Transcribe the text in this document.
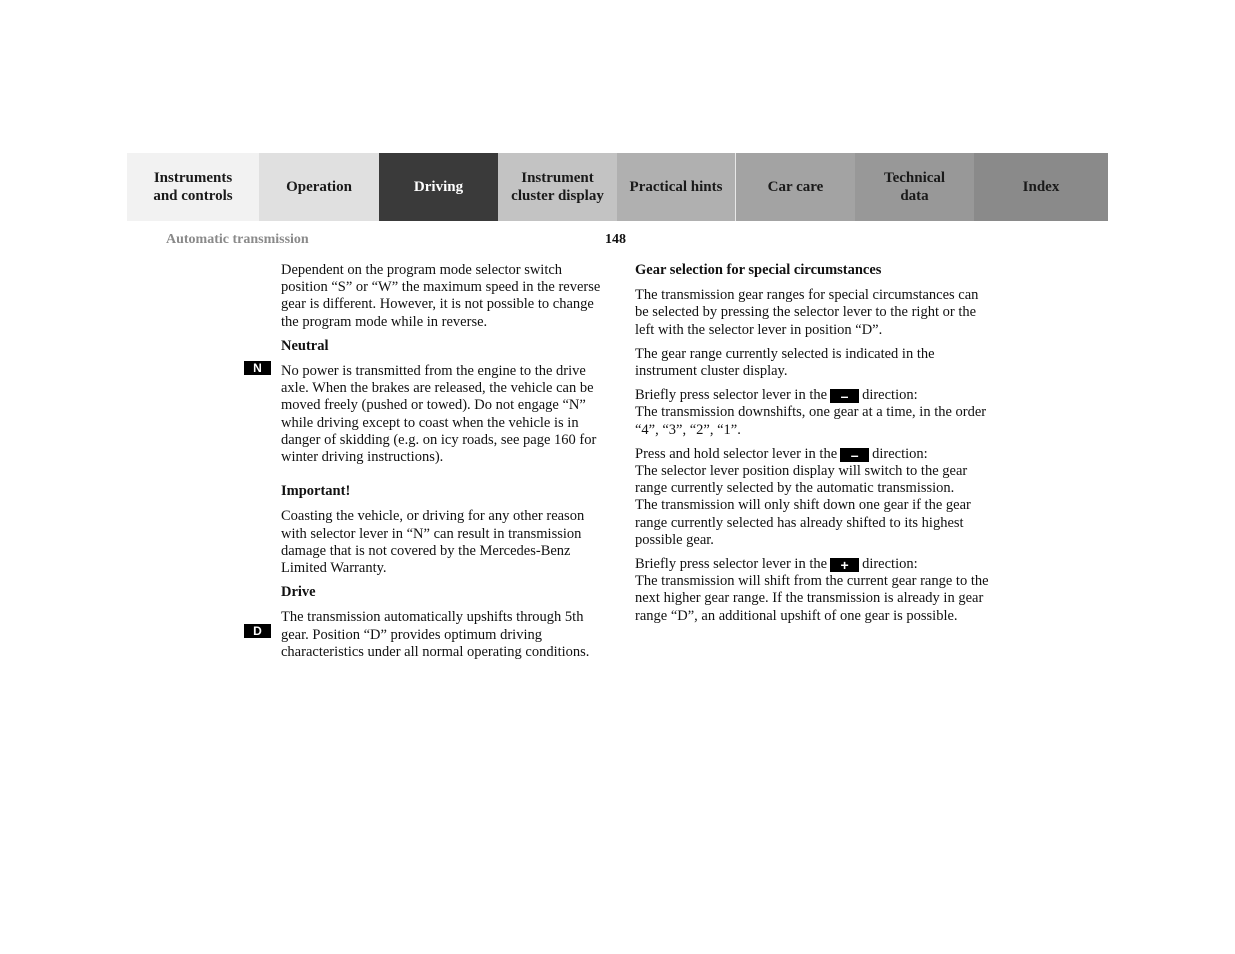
Instruments
and controls
Operation	Driving
Instrument
cluster display
Practical hints	Car care
Technical
data
Index
Automatic transmission	148
N
D

Dependent on the program mode selector switch position “S” or “W” the maximum speed in the reverse gear is different. However, it is not possible to change the program mode while in reverse.

Neutral

No power is transmitted from the engine to the drive axle. When the brakes are released, the vehicle can be moved freely (pushed or towed). Do not engage “N” while driving except to coast when the vehicle is in danger of skidding (e.g. on icy roads, see page 160 for winter driving instructions).

Important!

Coasting the vehicle, or driving for any other reason with selector lever in “N” can result in transmission damage that is not covered by the Mercedes-Benz Limited Warranty.

Drive

The transmission automatically upshifts through 5th gear. Position “D” provides optimum driving characteristics under all normal operating conditions.

Gear selection for special circumstances

The transmission gear ranges for special circumstances can be selected by pressing the selector lever to the right or the left with the selector lever in position “D”.

The gear range currently selected is indicated in the instrument cluster display.

Briefly press selector lever in the – direction:
The transmission downshifts, one gear at a time, in the order “4”, “3”, “2”, “1”.

Press and hold selector lever in the – direction:
The selector lever position display will switch to the gear range currently selected by the automatic transmission.
The transmission will only shift down one gear if the gear range currently selected has already shifted to its highest possible gear.

Briefly press selector lever in the + direction:
The transmission will shift from the current gear range to the next higher gear range. If the transmission is already in gear range “D”, an additional upshift of one gear is possible.
